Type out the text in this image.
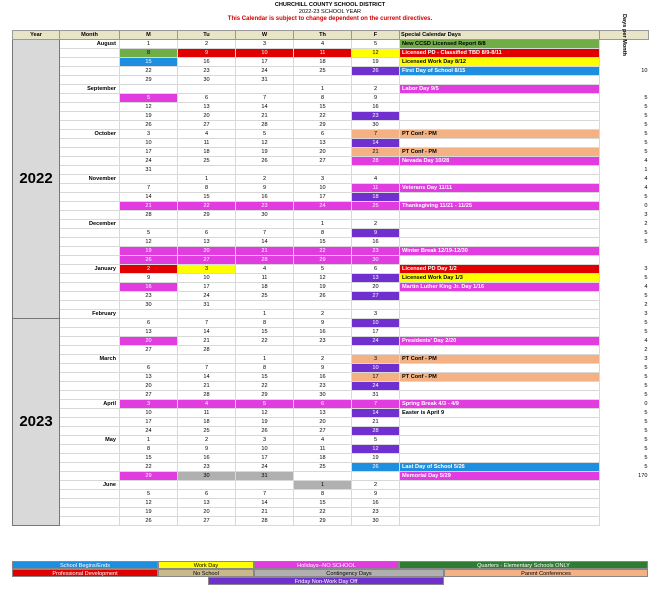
CHURCHILL COUNTY SCHOOL DISTRICT
2022-23 SCHOOL YEAR
This Calendar is subject to change dependent on the current directives.
Year	Month	M	Tu	W	Th	F	Special Calendar Days	Days per Month
2022	August	1	2	3	4	5	New CCSD Licensed Report 8/8	
		8	9	10	11	12	Licensed PD - Classified TBD 8/9-8/11	
		15	16	17	18	19	Licensed Work Day 8/12	
		22	23	24	25	26	First Day of School 8/15	10
		29	30	31				
	September				1	2	Labor Day 9/5	
		5	6	7	8	9		5
		12	13	14	15	16		5
		19	20	21	22	23		5
		26	27	28	29	30		5
	October	3	4	5	6	7	PT Conf - PM	5
		10	11	12	13	14		5
		17	18	19	20	21	PT Conf - PM	5
		24	25	26	27	28	Nevada Day 10/28	4
		31						1
	November		1	2	3	4		4
		7	8	9	10	11	Veterans Day 11/11	4
		14	15	16	17	18		5
		21	22	23	24	25	Thanksgiving 11/21 - 11/25	0
		28	29	30				3
	December				1	2		2
		5	6	7	8	9		5
		12	13	14	15	16		5
		19	20	21	22	23	Winter Break 12/19-12/30	
		26	27	28	29	30		
	January	2	3	4	5	6	Licensed PD Day 1/2	3
		9	10	11	12	13	Licensed Work Day 1/3	5
		16	17	18	19	20	Martin Luther King Jr. Day 1/16	4
		23	24	25	26	27		5
		30	31					2
	February			1	2	3		3
2023		6	7	8	9	10		5
		13	14	15	16	17		5
		20	21	22	23	24	Presidents' Day 2/20	4
		27	28					2
	March			1	2	3	PT Conf - PM	3
		6	7	8	9	10		5
		13	14	15	16	17	PT Conf - PM	5
		20	21	22	23	24		5
		27	28	29	30	31		5
	April	3	4	5	6	7	Spring Break 4/3 - 4/9	0
		10	11	12	13	14	Easter is April 9	5
		17	18	19	20	21		5
		24	25	26	27	28		5
	May	1	2	3	4	5		5
		8	9	10	11	12		5
		15	16	17	18	19		5
		22	23	24	25	26	Last Day of School 5/26	5
		29	30	31			Memorial Day 5/29	170
	June				1	2		
		5	6	7	8	9		
		12	13	14	15	16		
		19	20	21	22	23		
		26	27	28	29	30		
School Begins/Ends	Work Day	Holidays--NO SCHOOL	Quarters - Elementary Schools ONLY
Professional Development	No School	Contingency Days	Parent Conferences
Friday Non-Work Day Off
